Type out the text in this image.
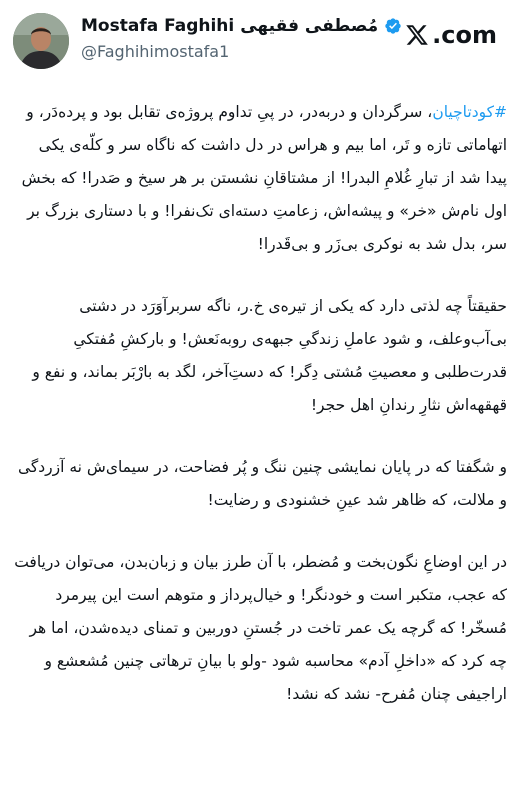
Mostafa Faghihi مُصطفی فقیهی
@Faghihimostafa1
.com

#کودتاچیان، سرگردان و دربه‌در، در پیِ تداوم پروژه‌ی تقابل بود و پرده‌دَر، و اتهاماتی تازه و تَر، اما بیم و هراس در دل داشت که ناگاه سر و کلّه‌ی یکی پیدا شد از تبارِ غُلامِ البدرا! از مشتاقانِ نشستن بر هر سیخ و صَدرا! که بخش اول نام‌ش «خر» و پیشه‌اش، زعامتِ دسته‌ای تک‌نفرا! و با دستاری بزرگ بر سر، بدل شد به نوکری بی‌زَر و بی‌قَدرا!

حقیقتاً چه لذتی دارد که یکی از تیره‌ی خ.ر، ناگه سربرآوَرَد در دشتی بی‌آب‌وعلف، و شود عاملِ زندگیِ جبهه‌ی روبه‌نَعش! و بارکشِ مُفتکیِ قدرت‌طلبی و معصیتِ مُشتی دِگر! که دستِ‌آخر، لگد به بارْبَر بماند، و نفع و قهقهه‌اش نثارِ رندانِ اهل حجر!

و شگفتا که در پایان نمایشی چنین ننگ و پُر فضاحت، در سیمای‌ش نه آزردگی و ملالت، که ظاهر شد عینِ خشنودی و رضایت!

در این اوضاعِ نگون‌بخت و مُضطر، با آن طرز بیان و زبان‌بدن، می‌توان دریافت که عجب، متکبر است و خودنگر! و خیال‌پرداز و متوهم است این پیرمرد مُسخّر! که گرچه یک عمر تاخت در جُستنِ دوربین و تمنای دیده‌شدن، اما هر چه کرد که «داخلِ آدم» محاسبه شود -ولو با بیانِ ترهاتی چنین مُشعشع و اراجیفی چنان مُفرح- نشد که نشد!
